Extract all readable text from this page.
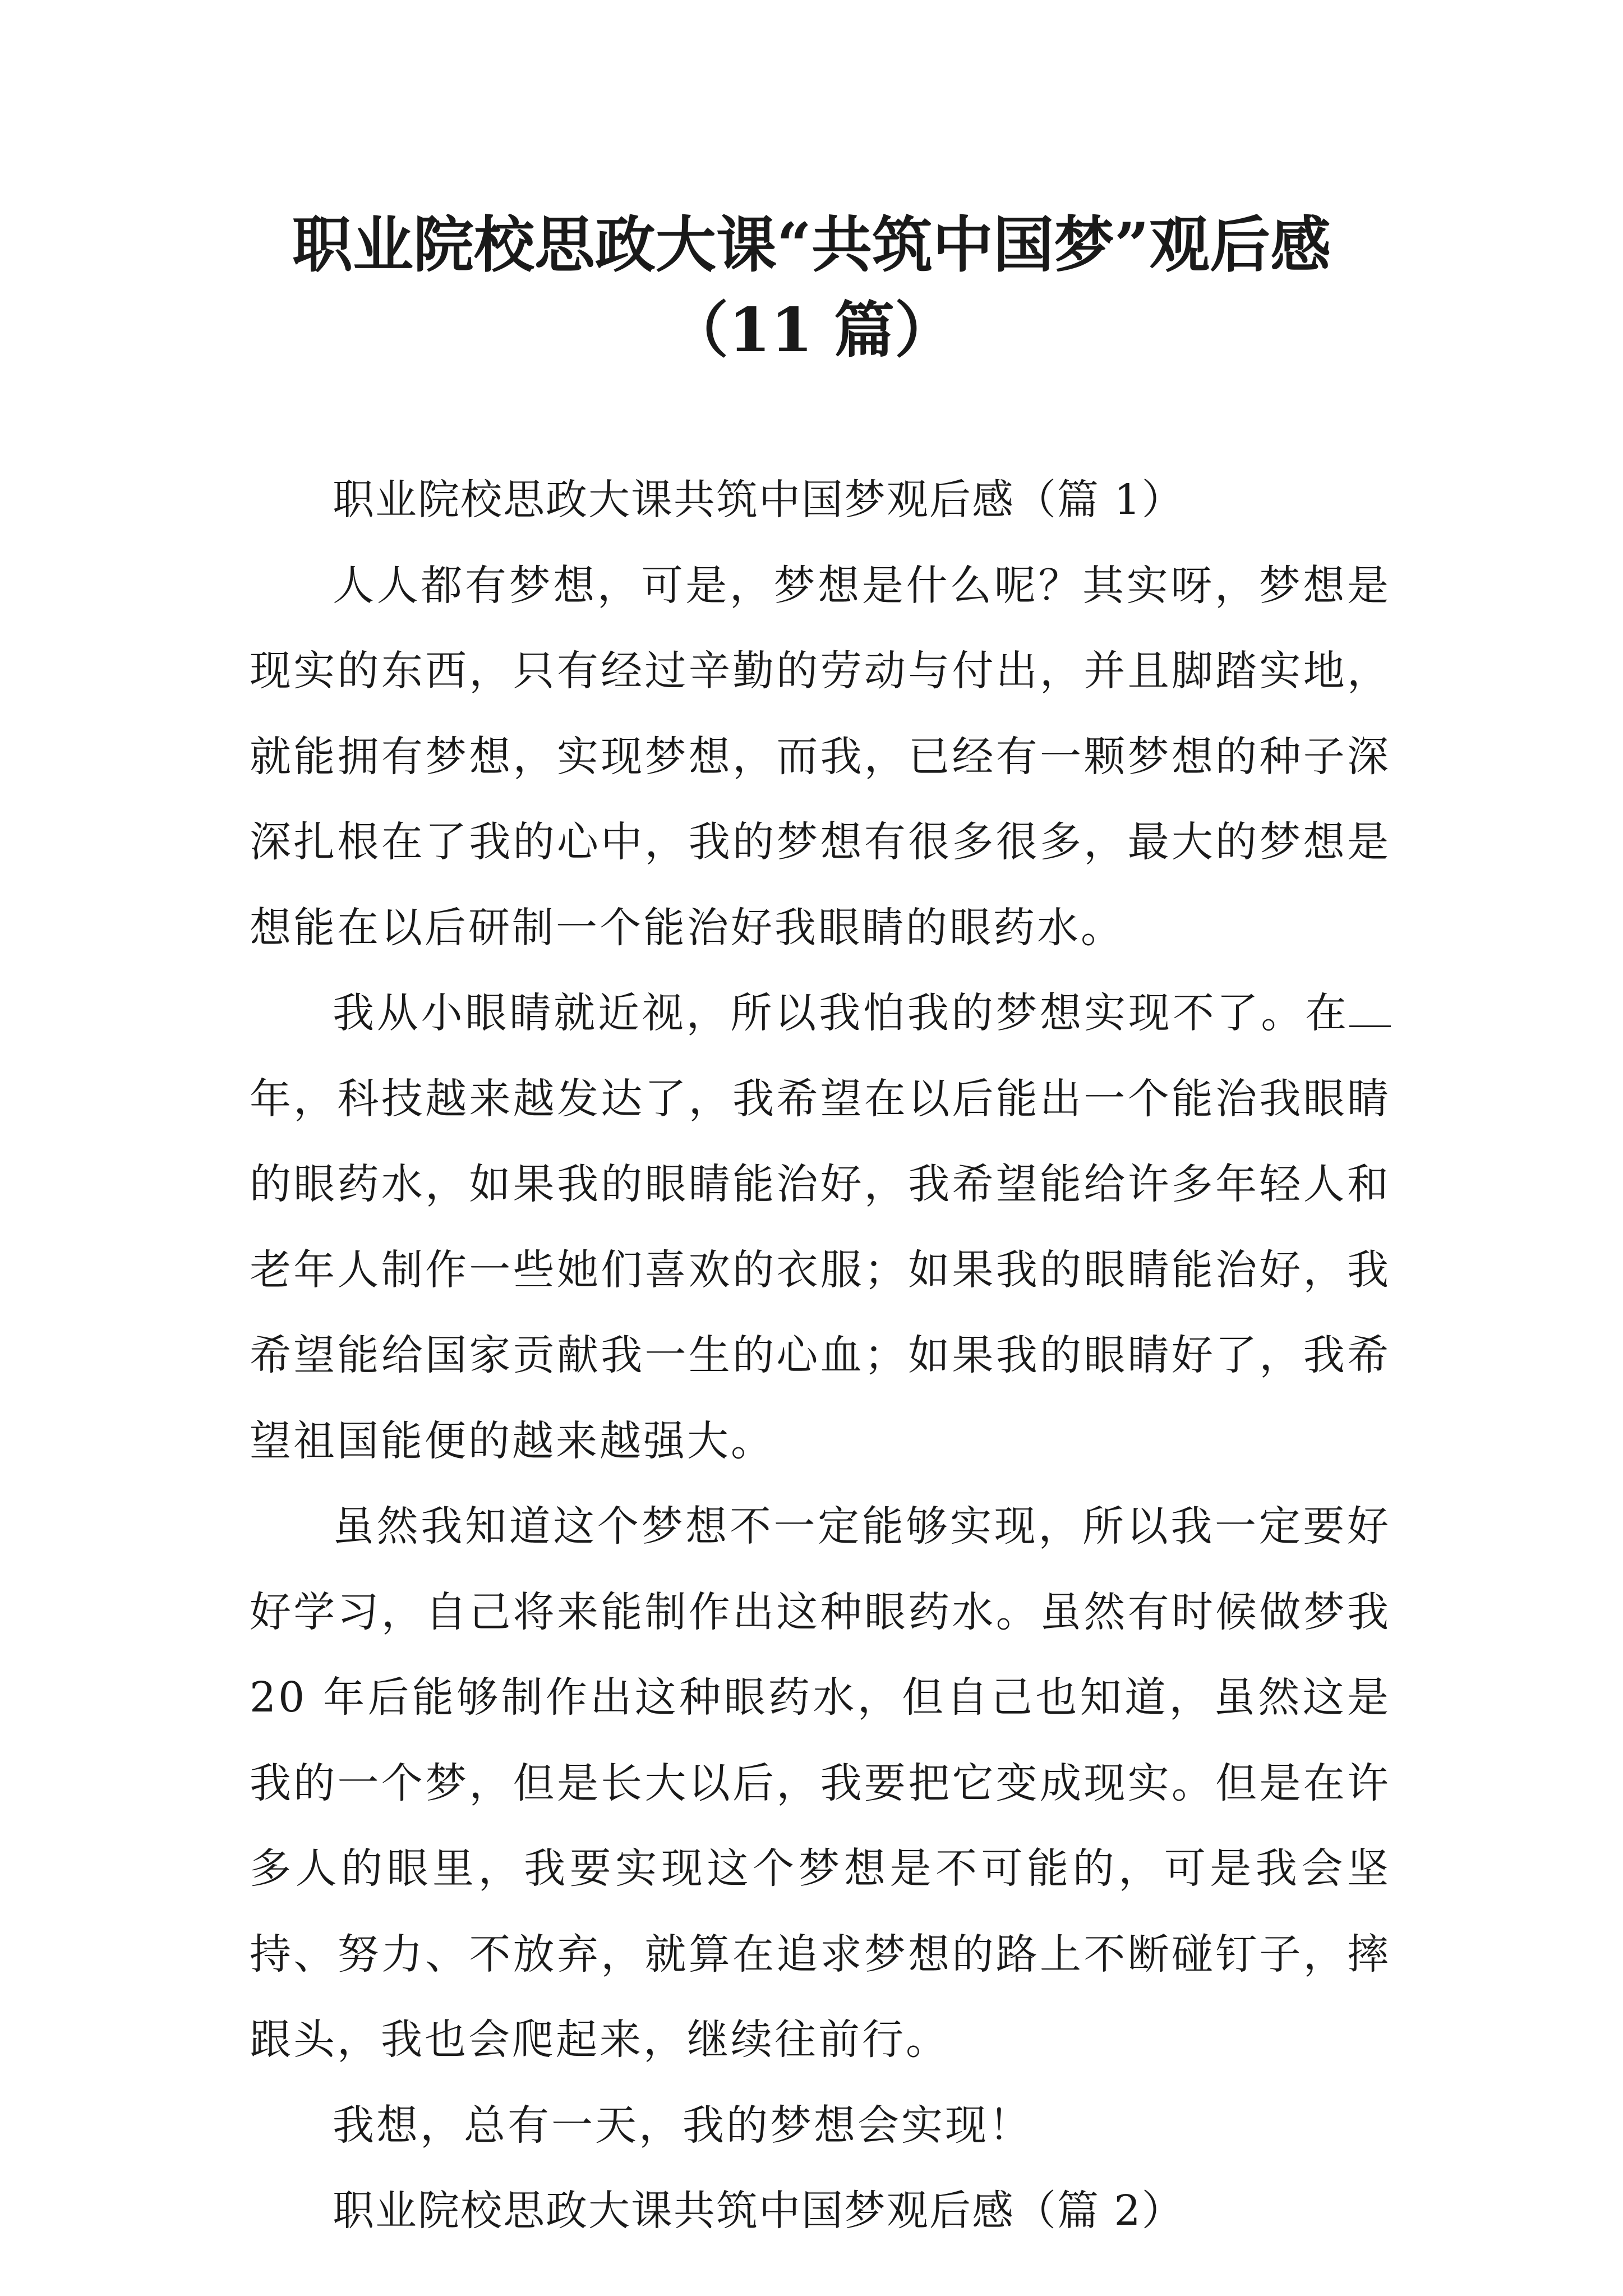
职业院校思政大课“共筑中国梦”观后感
（11 篇）

职业院校思政大课共筑中国梦观后感（篇 1）

人人都有梦想，可是，梦想是什么呢？其实呀，梦想是现实的东西，只有经过辛勤的劳动与付出，并且脚踏实地，就能拥有梦想，实现梦想，而我，已经有一颗梦想的种子深深扎根在了我的心中，我的梦想有很多很多，最大的梦想是想能在以后研制一个能治好我眼睛的眼药水。

我从小眼睛就近视，所以我怕我的梦想实现不了。在年，科技越来越发达了，我希望在以后能出一个能治我眼睛的眼药水，如果我的眼睛能治好，我希望能给许多年轻人和老年人制作一些她们喜欢的衣服；如果我的眼睛能治好，我希望能给国家贡献我一生的心血；如果我的眼睛好了，我希望祖国能便的越来越强大。

虽然我知道这个梦想不一定能够实现，所以我一定要好好学习，自己将来能制作出这种眼药水。虽然有时候做梦我 20 年后能够制作出这种眼药水，但自己也知道，虽然这是我的一个梦，但是长大以后，我要把它变成现实。但是在许多人的眼里，我要实现这个梦想是不可能的，可是我会坚持、努力、不放弃，就算在追求梦想的路上不断碰钉子，摔跟头，我也会爬起来，继续往前行。

我想，总有一天，我的梦想会实现！

职业院校思政大课共筑中国梦观后感（篇 2）
